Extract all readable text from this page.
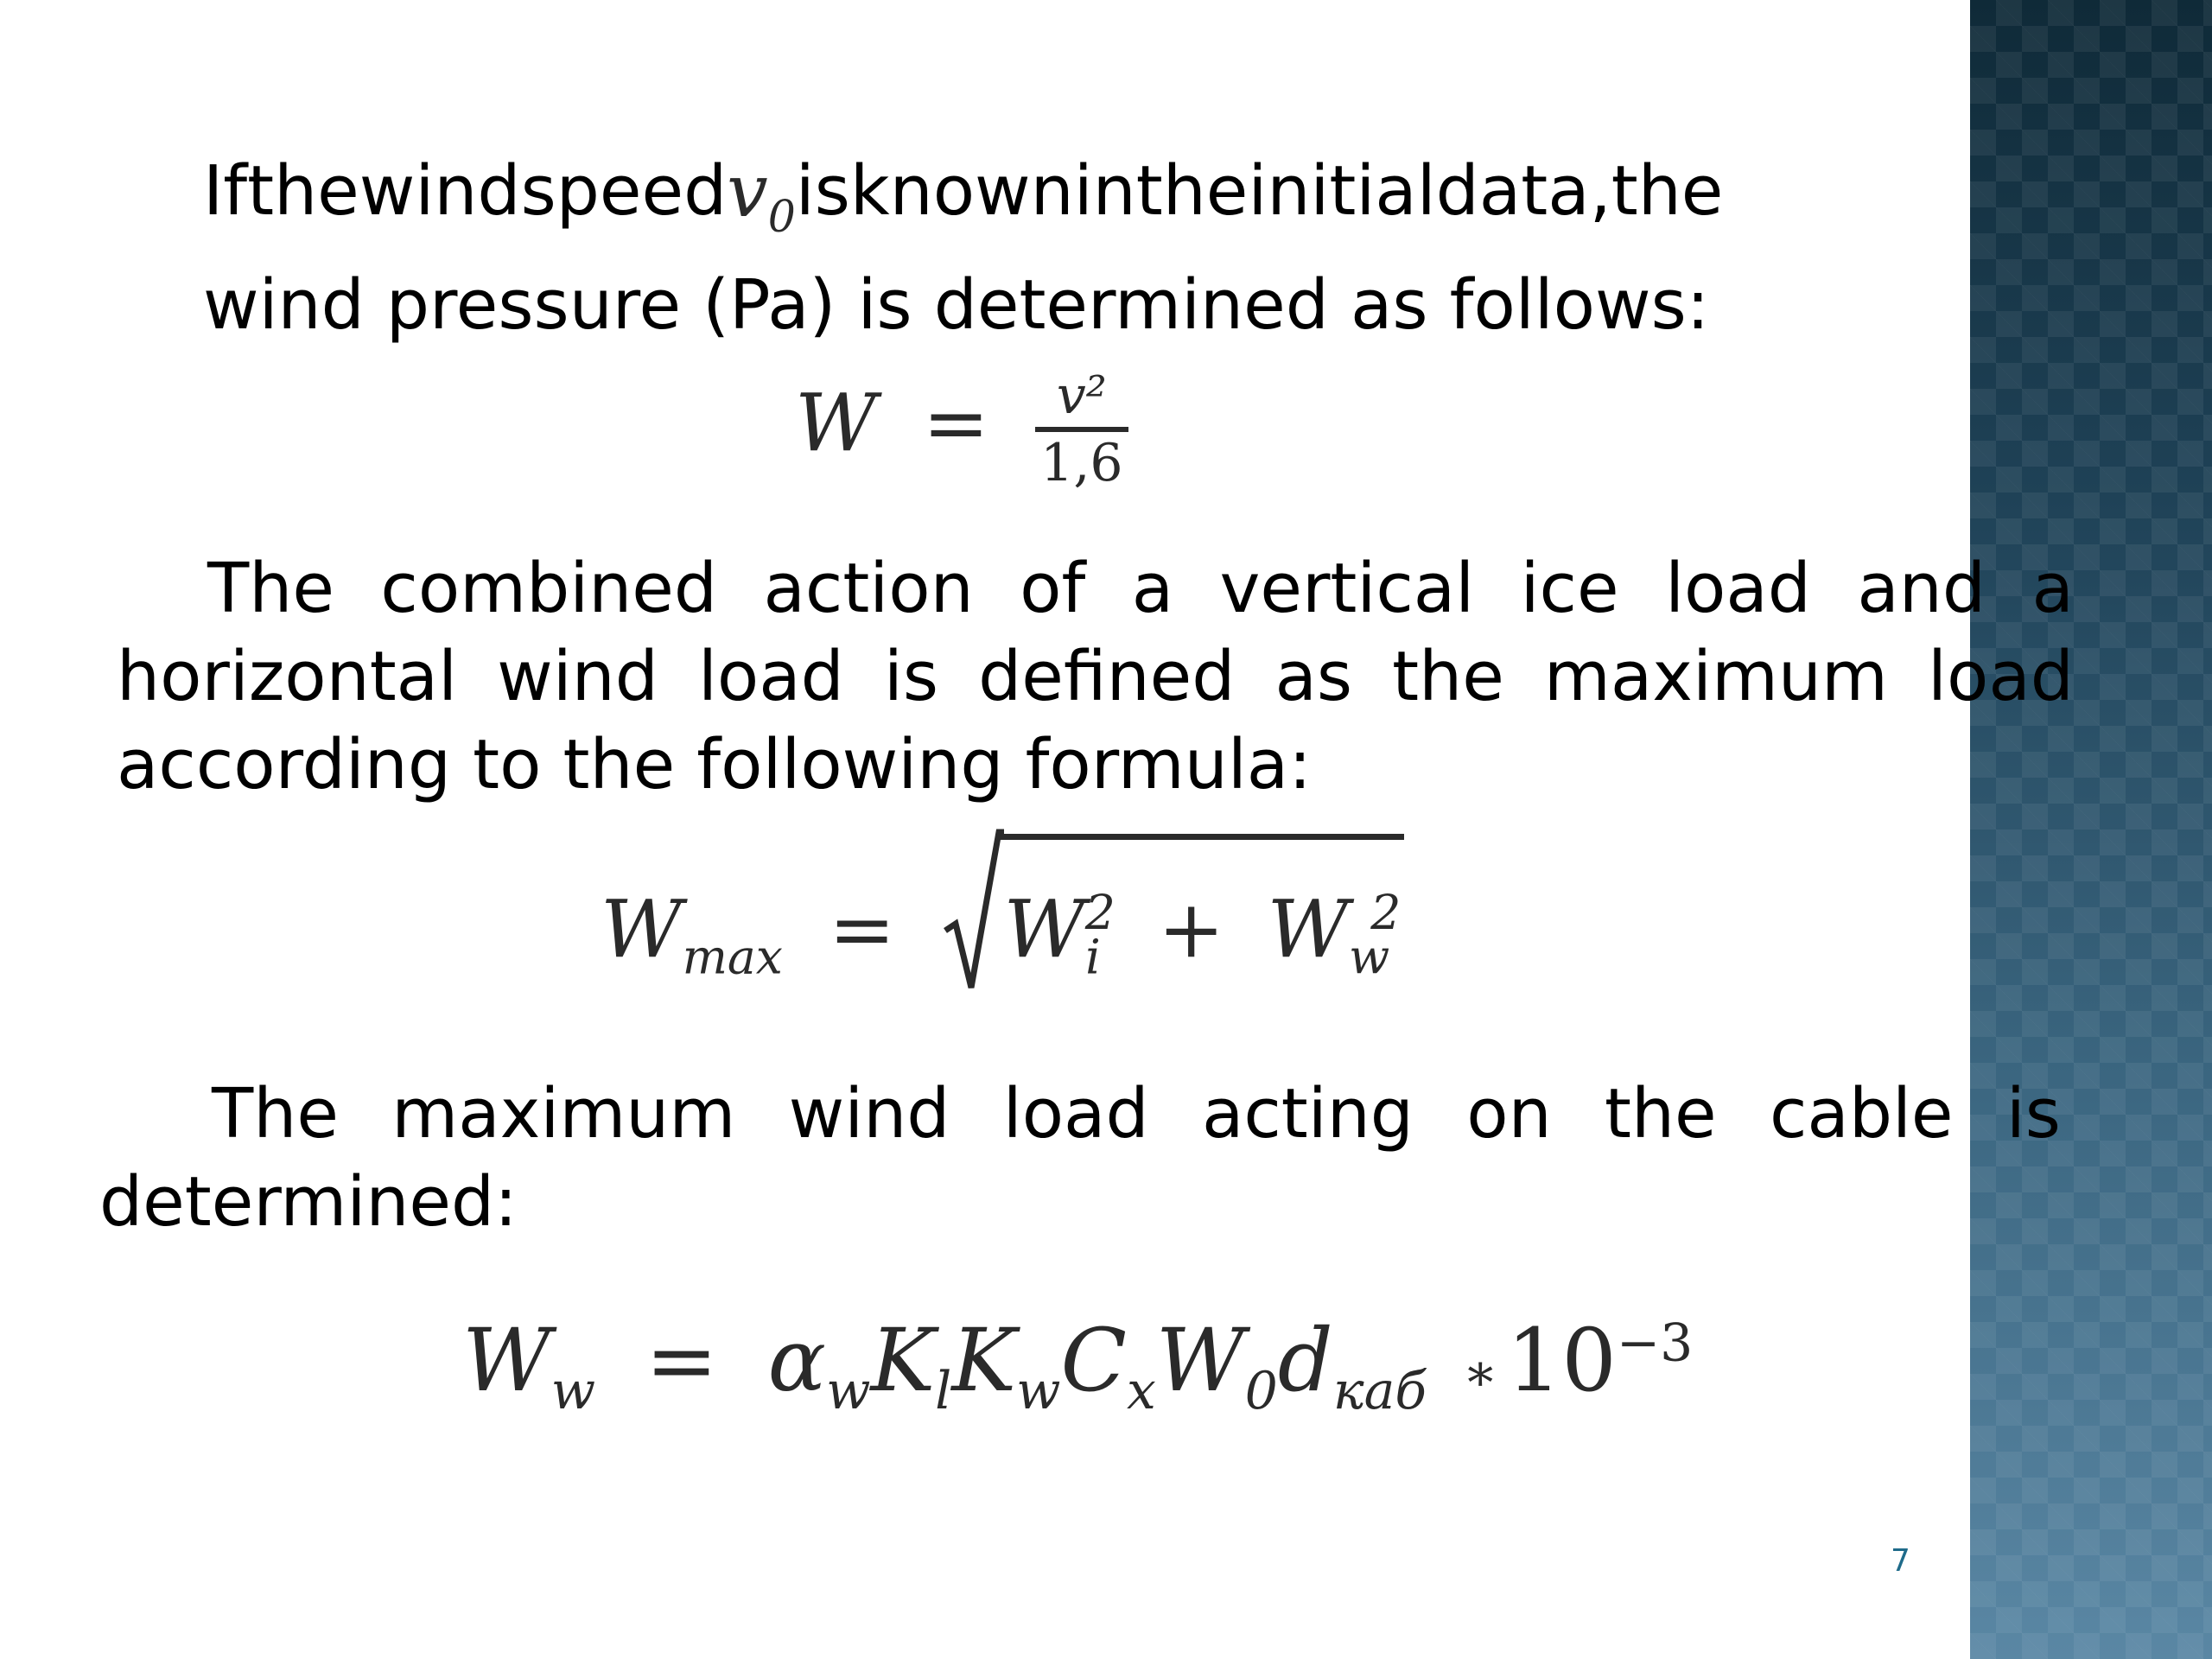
If the wind speed $v_0$ is known in the initial data, the
wind pressure (Pa) is determined as follows:
$W = \frac{\text{v²}}{1,6}$
The combined action of a vertical ice load and a
horizontal wind load is defined as the maximum load
according to the following formula:
$W_{max} = W_i^2 + W_w^2$
The maximum wind load acting on the cable is
determined:
$W_w = \alpha_wK_lK_wC_xW_0d_{каб}$ ∗ $10^{-3}$
7
